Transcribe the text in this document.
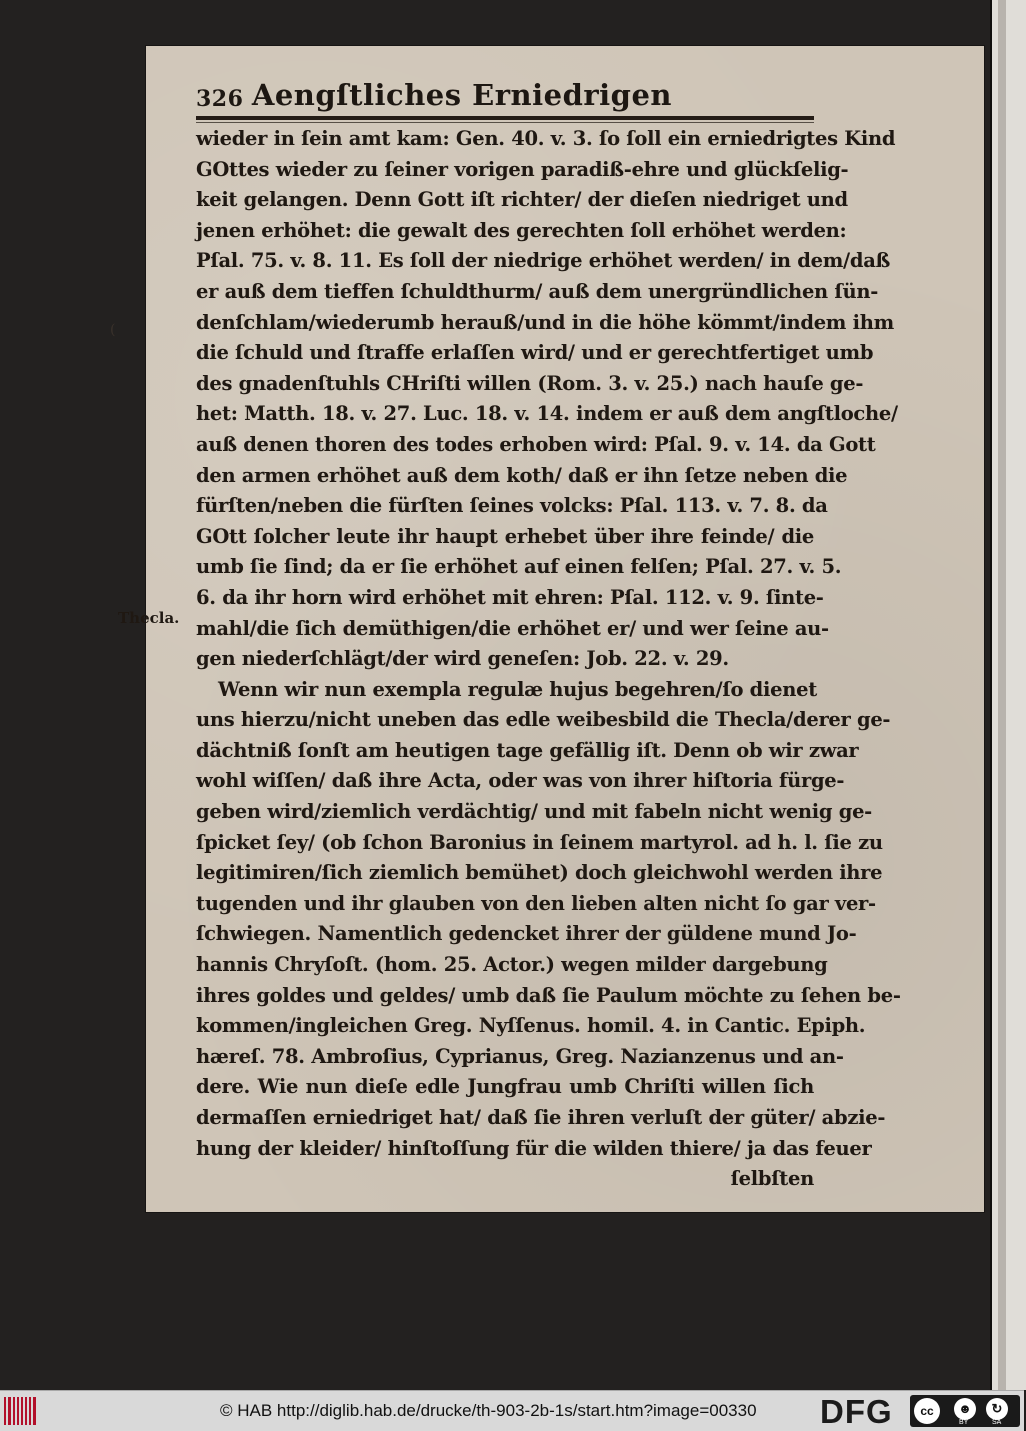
326 Aengſtliches Erniedrigen
(
Thecla.
wieder in ſein amt kam: Gen. 40. v. 3. ſo ſoll ein erniedrigtes Kind
GOttes wieder zu ſeiner vorigen paradiß-ehre und glückſelig-
keit gelangen. Denn Gott iſt richter/ der dieſen niedriget und
jenen erhöhet: die gewalt des gerechten ſoll erhöhet werden:
Pſal. 75. v. 8. 11. Es ſoll der niedrige erhöhet werden/ in dem/daß
er auß dem tieffen ſchuldthurm/ auß dem unergründlichen ſün-
denſchlam/wiederumb herauß/und in die höhe kömmt/indem ihm
die ſchuld und ſtraffe erlaſſen wird/ und er gerechtfertiget umb
des gnadenſtuhls CHriſti willen (Rom. 3. v. 25.) nach hauſe ge-
het: Matth. 18. v. 27. Luc. 18. v. 14. indem er auß dem angſtloche/
auß denen thoren des todes erhoben wird: Pſal. 9. v. 14. da Gott
den armen erhöhet auß dem koth/ daß er ihn ſetze neben die
fürſten/neben die fürſten ſeines volcks: Pſal. 113. v. 7. 8. da
GOtt ſolcher leute ihr haupt erhebet über ihre feinde/ die
umb ſie ſind; da er ſie erhöhet auf einen felſen; Pſal. 27. v. 5.
6. da ihr horn wird erhöhet mit ehren: Pſal. 112. v. 9. ſinte-
mahl/die ſich demüthigen/die erhöhet er/ und wer ſeine au-
gen niederſchlägt/der wird geneſen: Job. 22. v. 29.
Wenn wir nun exempla regulæ hujus begehren/ſo dienet
uns hierzu/nicht uneben das edle weibesbild die Thecla/derer ge-
dächtniß ſonſt am heutigen tage gefällig iſt. Denn ob wir zwar
wohl wiſſen/ daß ihre Acta, oder was von ihrer hiſtoria fürge-
geben wird/ziemlich verdächtig/ und mit fabeln nicht wenig ge-
ſpicket ſey/ (ob ſchon Baronius in ſeinem martyrol. ad h. l. ſie zu
legitimiren/ſich ziemlich bemühet) doch gleichwohl werden ihre
tugenden und ihr glauben von den lieben alten nicht ſo gar ver-
ſchwiegen. Namentlich gedencket ihrer der güldene mund Jo-
hannis Chryſoſt. (hom. 25. Actor.) wegen milder dargebung
ihres goldes und geldes/ umb daß ſie Paulum möchte zu ſehen be-
kommen/ingleichen Greg. Nyſſenus. homil. 4. in Cantic. Epiph.
hæreſ. 78. Ambroſius, Cyprianus, Greg. Nazianzenus und an-
dere. Wie nun dieſe edle Jungfrau umb Chriſti willen ſich
dermaſſen erniedriget hat/ daß ſie ihren verluſt der güter/ abzie-
hung der kleider/ hinſtoſſung für die wilden thiere/ ja das feuer
ſelbſten
© HAB http://diglib.hab.de/drucke/th-903-2b-1s/start.htm?image=00330 DFG	cc	☻	↻
BY	SA
